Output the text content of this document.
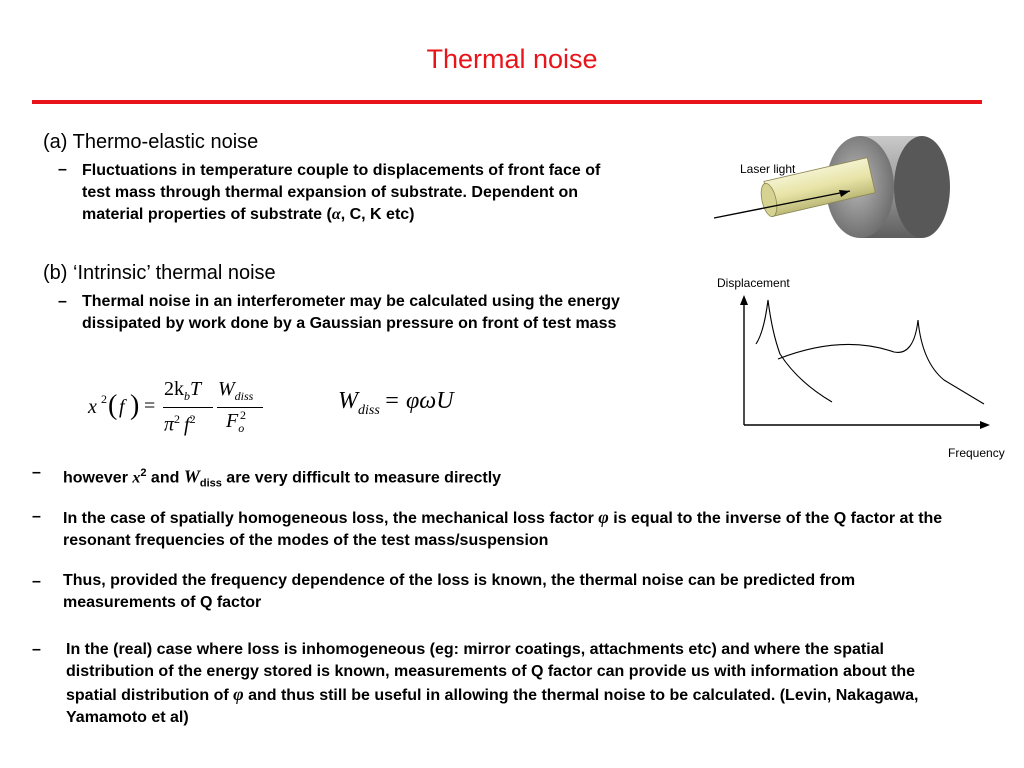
Thermal noise
(a) Thermo-elastic noise
– Fluctuations in temperature couple to displacements of front face of test mass through thermal expansion of substrate. Dependent on material properties of substrate (α, C, K etc)
(b) ‘Intrinsic’ thermal noise
– Thermal noise in an interferometer may be calculated using the energy dissipated by work done by a Gaussian pressure on front of test mass
x 2 ( f ) =
$2k_bT$
$\pi^2$ $f^2$
$W_{diss}$
$F_o$
2
$W_{diss} = \varphi\omega U$
Laser light
Displacement
Frequency
– however $x^2$ and $W_{diss}$ are very difficult to measure directly
– In the case of spatially homogeneous loss, the mechanical loss factor φ is equal to the inverse of the Q factor at the resonant frequencies of the modes of the test mass/suspension
– Thus, provided the frequency dependence of the loss is known, the thermal noise can be predicted from measurements of Q factor
– In the (real) case where loss is inhomogeneous (eg: mirror coatings, attachments etc) and where the spatial distribution of the energy stored is known, measurements of Q factor can provide us with information about the spatial distribution of φ and thus still be useful in allowing the thermal noise to be calculated. (Levin, Nakagawa, Yamamoto et al)
